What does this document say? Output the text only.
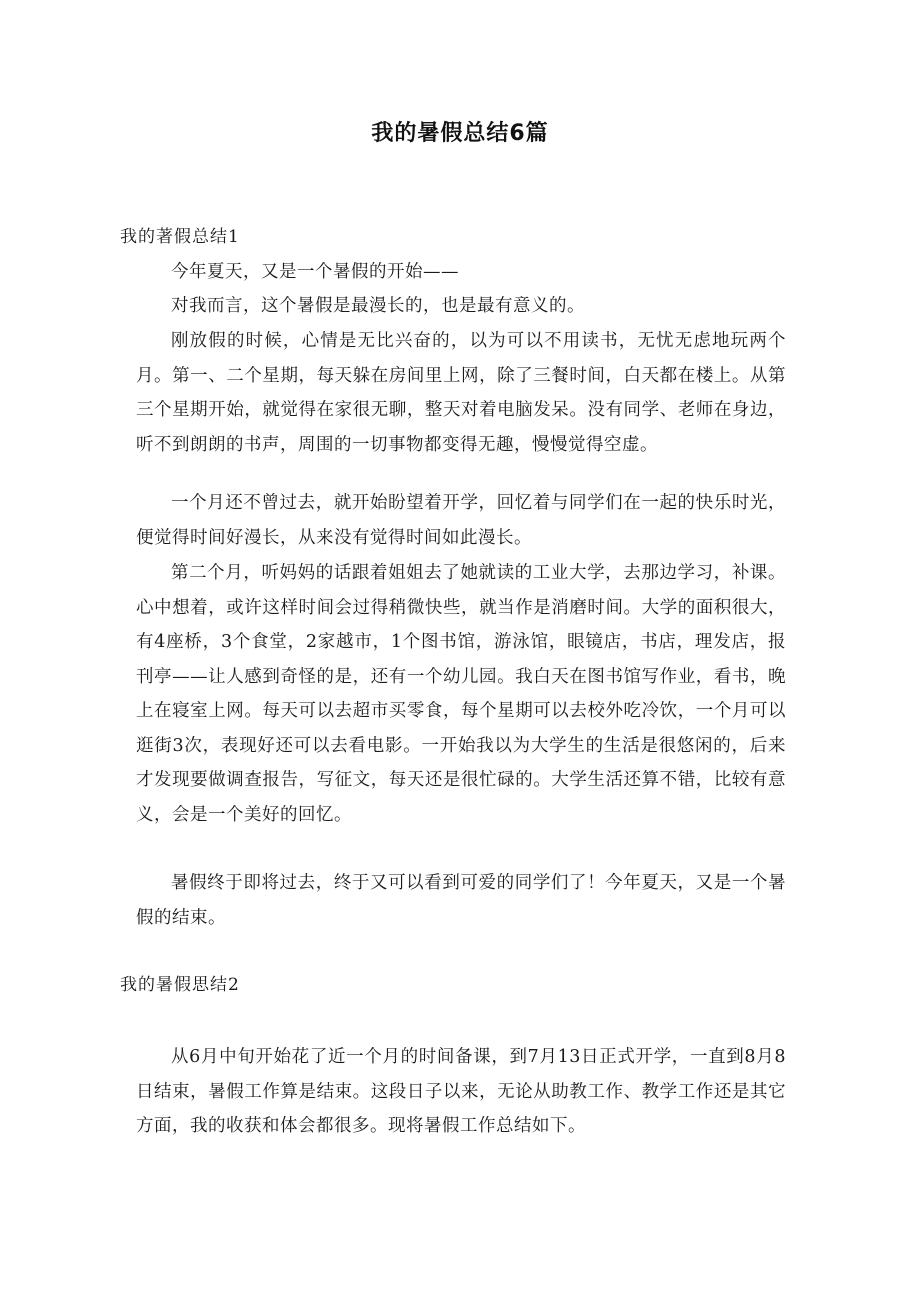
我的暑假总结6篇
我的著假总结1

今年夏天，又是一个暑假的开始——

对我而言，这个暑假是最漫长的，也是最有意义的。

刚放假的时候，心情是无比兴奋的，以为可以不用读书，无忧无虑地玩两个月。第一、二个星期，每天躲在房间里上网，除了三餐时间，白天都在楼上。从第三个星期开始，就觉得在家很无聊，整天对着电脑发呆。没有同学、老师在身边，听不到朗朗的书声，周围的一切事物都变得无趣，慢慢觉得空虚。

一个月还不曾过去，就开始盼望着开学，回忆着与同学们在一起的快乐时光，便觉得时间好漫长，从来没有觉得时间如此漫长。

第二个月，听妈妈的话跟着姐姐去了她就读的工业大学，去那边学习，补课。心中想着，或许这样时间会过得稍微快些，就当作是消磨时间。大学的面积很大，有4座桥，3个食堂，2家越市，1个图书馆，游泳馆，眼镜店，书店，理发店，报刊亭——让人感到奇怪的是，还有一个幼儿园。我白天在图书馆写作业，看书，晚上在寝室上网。每天可以去超市买零食，每个星期可以去校外吃冷饮，一个月可以逛街3次，表现好还可以去看电影。一开始我以为大学生的生活是很悠闲的，后来才发现要做调查报告，写征文，每天还是很忙碌的。大学生活还算不错，比较有意义，会是一个美好的回忆。

暑假终于即将过去，终于又可以看到可爱的同学们了！今年夏天，又是一个暑假的结束。

我的暑假思结2

从6月中旬开始花了近一个月的时间备课，到7月13日正式开学，一直到8月8日结束，暑假工作算是结束。这段日子以来，无论从助教工作、教学工作还是其它方面，我的收获和体会都很多。现将暑假工作总结如下。
